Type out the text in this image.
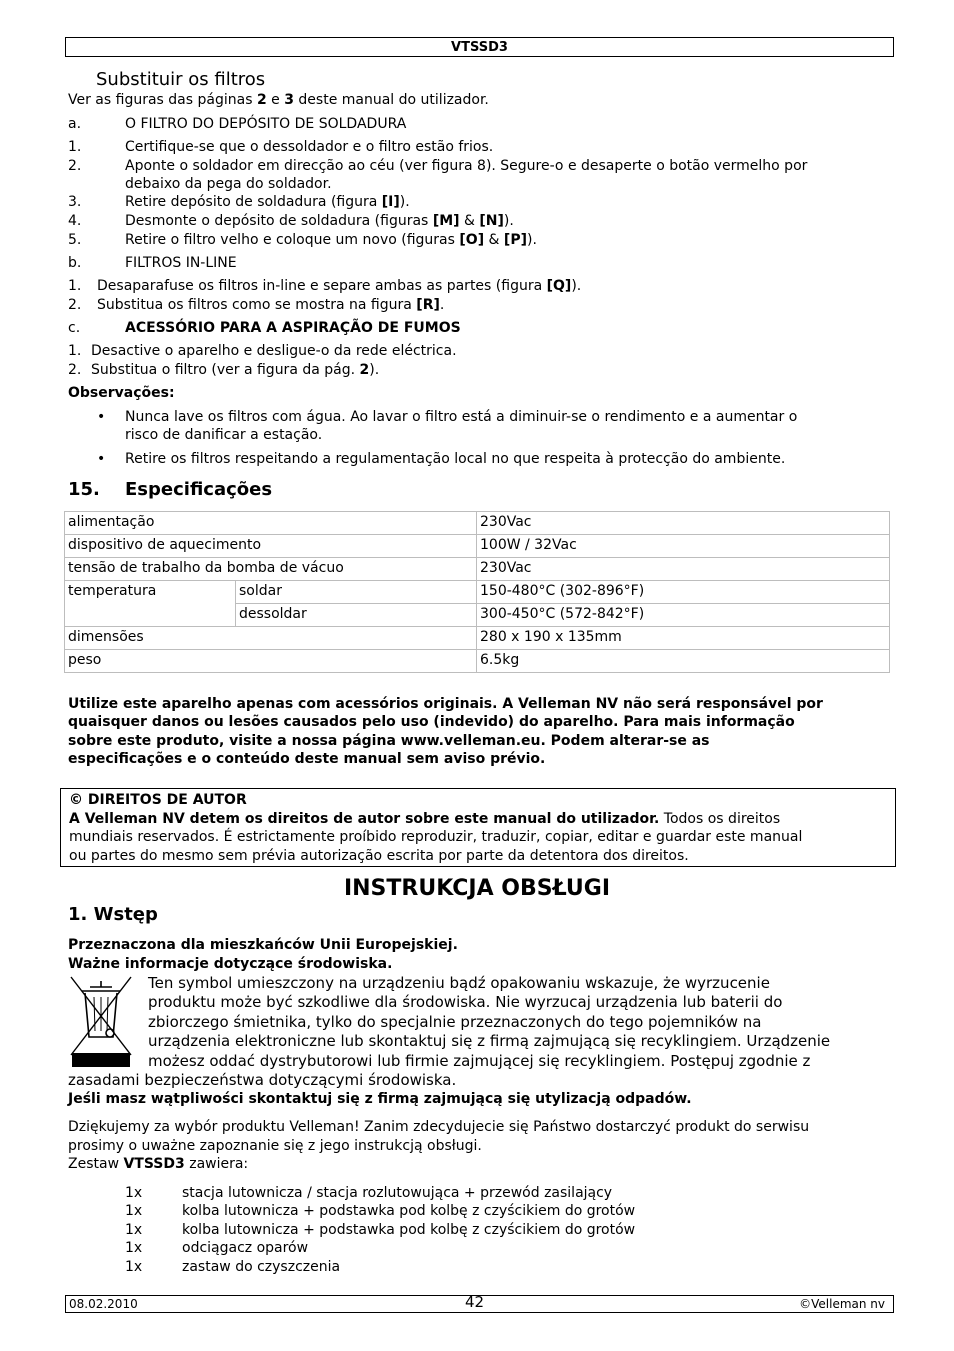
VTSSD3
Substituir os filtros
Ver as figuras das páginas 2 e 3 deste manual do utilizador.
a.	O FILTRO DO DEPÓSITO DE SOLDADURA
1.	Certifique-se que o dessoldador e o filtro estão frios.
2.	Aponte o soldador em direcção ao céu (ver figura 8). Segure-o e desaperte o botão vermelho por
debaixo da pega do soldador.
3.	Retire depósito de soldadura (figura [I]).
4.	Desmonte o depósito de soldadura (figuras [M] & [N]).
5.	Retire o filtro velho e coloque um novo (figuras [O] & [P]).
b.	FILTROS IN-LINE
1. Desaparafuse os filtros in-line e separe ambas as partes (figura [Q]).
2. Substitua os filtros como se mostra na figura [R].
c.	ACESSÓRIO PARA A ASPIRAÇÃO DE FUMOS
1. Desactive o aparelho e desligue-o da rede eléctrica.
2. Substitua o filtro (ver a figura da pág. 2).
Observações:
• Nunca lave os filtros com água. Ao lavar o filtro está a diminuir-se o rendimento e a aumentar o
risco de danificar a estação.
• Retire os filtros respeitando a regulamentação local no que respeita à protecção do ambiente.
15. Especificações
alimentação		230Vac
dispositivo de aquecimento		100W / 32Vac
tensão de trabalho da bomba de vácuo		230Vac
temperatura	soldar	150-480°C (302-896°F)
	dessoldar	300-450°C (572-842°F)
dimensões		280 x 190 x 135mm
peso		6.5kg
Utilize este aparelho apenas com acessórios originais. A Velleman NV não será responsável por
quaisquer danos ou lesões causados pelo uso (indevido) do aparelho. Para mais informação
sobre este produto, visite a nossa página www.velleman.eu. Podem alterar-se as
especificações e o conteúdo deste manual sem aviso prévio.
© DIREITOS DE AUTOR
A Velleman NV detem os direitos de autor sobre este manual do utilizador. Todos os direitos
mundiais reservados. É estrictamente proíbido reproduzir, traduzir, copiar, editar e guardar este manual
ou partes do mesmo sem prévia autorização escrita por parte da detentora dos direitos.
INSTRUKCJA OBSŁUGI
1. Wstęp
Przeznaczona dla mieszkańców Unii Europejskiej.
Ważne informacje dotyczące środowiska.
Ten symbol umieszczony na urządzeniu bądź opakowaniu wskazuje, że wyrzucenie
produktu może być szkodliwe dla środowiska. Nie wyrzucaj urządzenia lub baterii do
zbiorczego śmietnika, tylko do specjalnie przeznaczonych do tego pojemników na
urządzenia elektroniczne lub skontaktuj się z firmą zajmującą się recyklingiem. Urządzenie
możesz oddać dystrybutorowi lub firmie zajmującej się recyklingiem. Postępuj zgodnie z
zasadami bezpieczeństwa dotyczącymi środowiska.
Jeśli masz wątpliwości skontaktuj się z firmą zajmującą się utylizacją odpadów.
Dziękujemy za wybór produktu Velleman! Zanim zdecydujecie się Państwo dostarczyć produkt do serwisu
prosimy o uważne zapoznanie się z jego instrukcją obsługi.
Zestaw VTSSD3 zawiera:
1x	stacja lutownicza / stacja rozlutowująca + przewód zasilający
1x	kolba lutownicza + podstawka pod kolbę z czyścikiem do grotów
1x	kolba lutownicza + podstawka pod kolbę z czyścikiem do grotów
1x	odciągacz oparów
1x	zastaw do czyszczenia
08.02.2010	42	©Velleman nv
